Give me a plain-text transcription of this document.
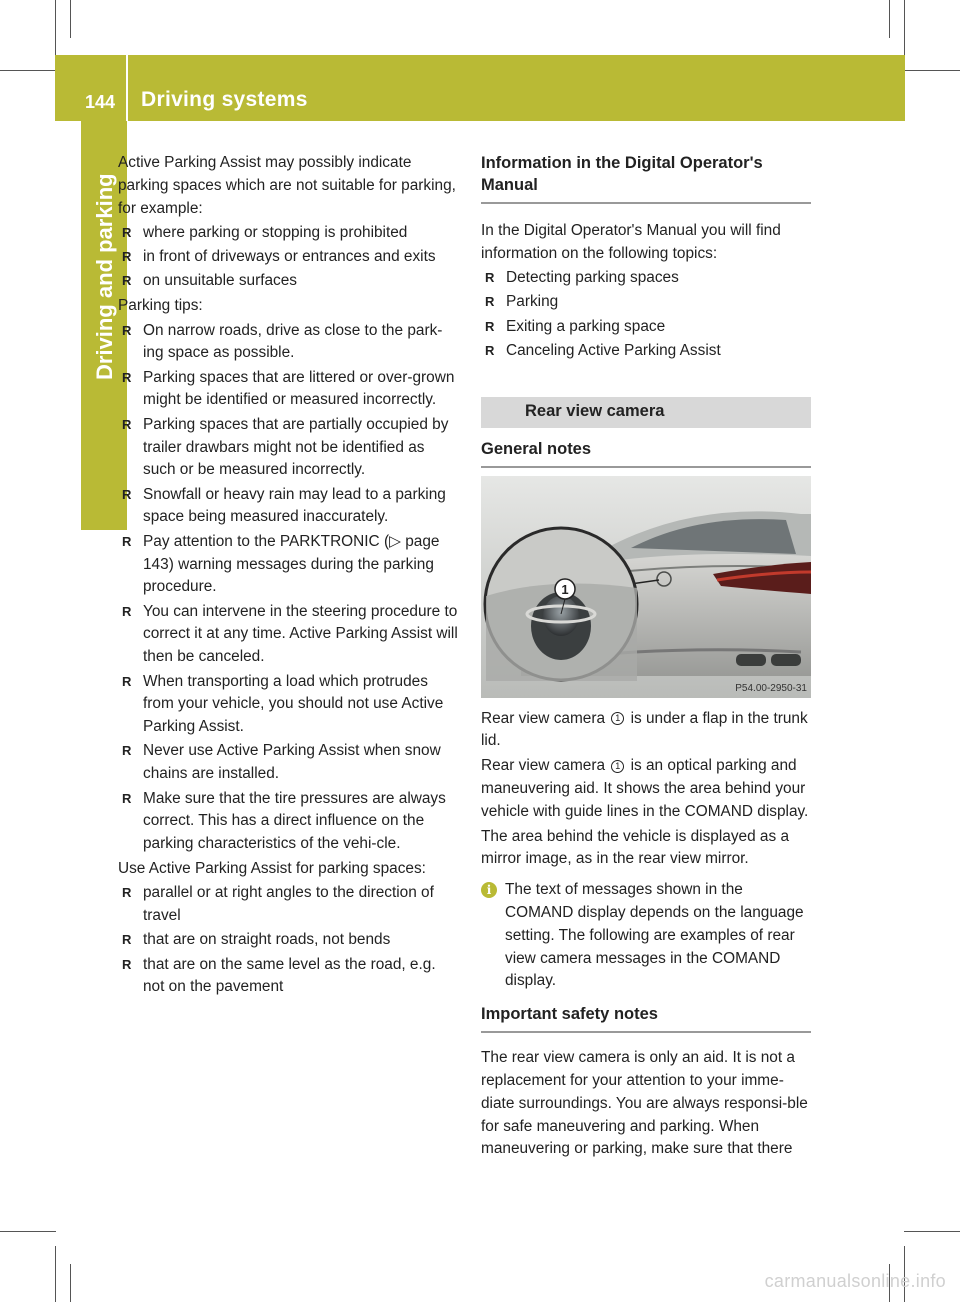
144 Driving systems
Driving and parking

Active Parking Assist may possibly indicate parking spaces which are not suitable for parking, for example:

R where parking or stopping is prohibited
R in front of driveways or entrances and exits
R on unsuitable surfaces

Parking tips:

R On narrow roads, drive as close to the park-ing space as possible.
R Parking spaces that are littered or over-grown might be identified or measured incorrectly.
R Parking spaces that are partially occupied by trailer drawbars might not be identified as such or be measured incorrectly.
R Snowfall or heavy rain may lead to a parking space being measured inaccurately.
R Pay attention to the PARKTRONIC (▷ page 143) warning messages during the parking procedure.
R You can intervene in the steering procedure to correct it at any time. Active Parking Assist will then be canceled.
R When transporting a load which protrudes from your vehicle, you should not use Active Parking Assist.
R Never use Active Parking Assist when snow chains are installed.
R Make sure that the tire pressures are always correct. This has a direct influence on the parking characteristics of the vehi-cle.

Use Active Parking Assist for parking spaces:

R parallel or at right angles to the direction of travel
R that are on straight roads, not bends
R that are on the same level as the road, e.g. not on the pavement
Information in the Digital Operator's Manual

In the Digital Operator's Manual you will find information on the following topics:

R Detecting parking spaces
R Parking
R Exiting a parking space
R Canceling Active Parking Assist
Rear view camera
General notes
1
P54.00-2950-31

Rear view camera 1 is under a flap in the trunk lid.

Rear view camera 1 is an optical parking and maneuvering aid. It shows the area behind your vehicle with guide lines in the COMAND display.

The area behind the vehicle is displayed as a mirror image, as in the rear view mirror.

i The text of messages shown in the COMAND display depends on the language setting. The following are examples of rear view camera messages in the COMAND display.
Important safety notes

The rear view camera is only an aid. It is not a replacement for your attention to your imme-diate surroundings. You are always responsi-ble for safe maneuvering and parking. When maneuvering or parking, make sure that there

carmanualsonline.info
